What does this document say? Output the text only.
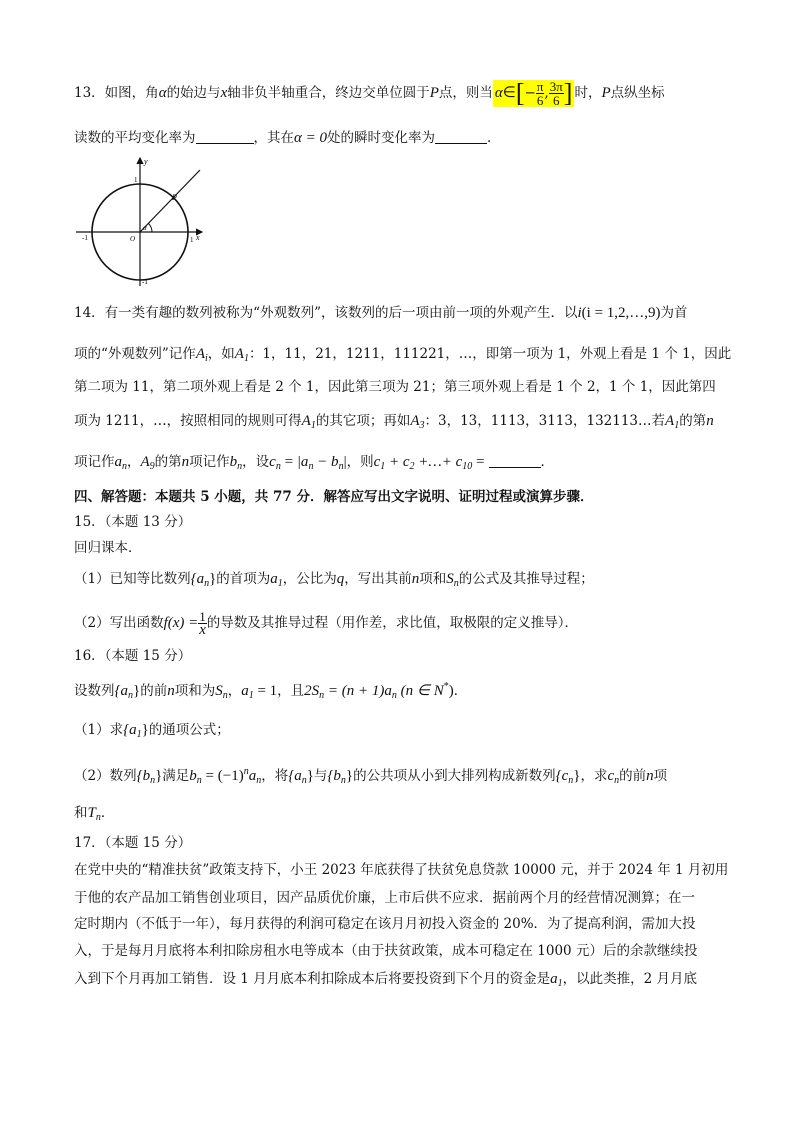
13．如图，角α的始边与x轴非负半轴重合，终边交单位圆于P点，则当 α∈[− $\frac{\pi}{6}$ , $\frac{3\pi}{6}$ ] 时，P点纵坐标
读数的平均变化率为	，其在α = 0处的瞬时变化率为	．
y
x
P
α
O
1
1
-1
-1
14．有一类有趣的数列被称为“外观数列”，该数列的后一项由前一项的外观产生．以i(i = 1,2,…,9)为首
项的“外观数列”记作$A_i$，如$A_1$：1，11，21，1211，111221，…，即第一项为 1，外观上看是 1 个 1，因此
第二项为 11，第二项外观上看是 2 个 1，因此第三项为 21；第三项外观上看是 1 个 2，1 个 1，因此第四
项为 1211，…，按照相同的规则可得$A_1$的其它项；再如$A_3$：3，13，1113，3113，132113…若$A_1$的第n
项记作$a_n$，$A_9$的第n项记作$b_n$，设$c_n = |a_n - b_n|$，则$c_1 + c_2$ +…+ $c_{10}$ =	．
四、解答题：本题共 5 小题，共 77 分．解答应写出文字说明、证明过程或演算步骤．
15．（本题 13 分）
回归课本．
（1）已知等比数列$\{a_n\}$的首项为$a_1$，公比为q，写出其前n项和$S_n$的公式及其推导过程；
（2）写出函数$f(x) = \frac{1}{x}$ 的导数及其推导过程（用作差，求比值，取极限的定义推导）．
16．（本题 15 分）
设数列$\{a_n\}$的前n项和为$S_n$，$a_1 = 1$，且$2S_n = (n + 1)a_n$ (n ∈ N*)．
（1）求$\{a_1\}$的通项公式；
（2）数列$\{b_n\}$满足$b_n = (-1)^na_n$，将$\{a_n\}$与$\{b_n\}$的公共项从小到大排列构成新数列$\{c_n\}$，求$c_n$的前n项
和$T_n$．
17．（本题 15 分）
在党中央的“精准扶贫”政策支持下，小王 2023 年底获得了扶贫免息贷款 10000 元，并于 2024 年 1 月初用
于他的农产品加工销售创业项目，因产品质优价廉，上市后供不应求．据前两个月的经营情况测算；在一
定时期内（不低于一年），每月获得的利润可稳定在该月月初投入资金的 20%．为了提高利润，需加大投
入，于是每月月底将本利扣除房租水电等成本（由于扶贫政策，成本可稳定在 1000 元）后的余款继续投
入到下个月再加工销售．设 1 月月底本利扣除成本后将要投资到下个月的资金是$a_1$，以此类推，2 月月底
